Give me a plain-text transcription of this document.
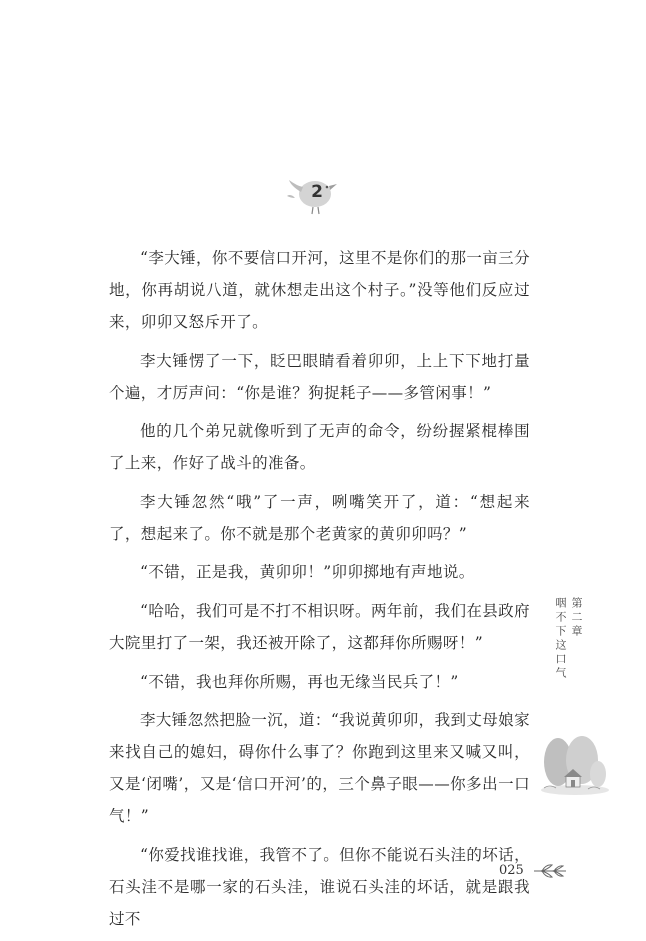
2

“李大锤，你不要信口开河，这里不是你们的那一亩三分地，你再胡说八道，就休想走出这个村子。”没等他们反应过来，卯卯又怒斥开了。

李大锤愣了一下，眨巴眼睛看着卯卯，上上下下地打量个遍，才厉声问：“你是谁？狗捉耗子——多管闲事！”

他的几个弟兄就像听到了无声的命令，纷纷握紧棍棒围了上来，作好了战斗的准备。

李大锤忽然“哦”了一声，咧嘴笑开了，道：“想起来了，想起来了。你不就是那个老黄家的黄卯卯吗？”

“不错，正是我，黄卯卯！”卯卯掷地有声地说。

“哈哈，我们可是不打不相识呀。两年前，我们在县政府大院里打了一架，我还被开除了，这都拜你所赐呀！”

“不错，我也拜你所赐，再也无缘当民兵了！”

李大锤忽然把脸一沉，道：“我说黄卯卯，我到丈母娘家来找自己的媳妇，碍你什么事了？你跑到这里来又喊又叫，又是‘闭嘴’，又是‘信口开河’的，三个鼻子眼——你多出一口气！”

“你爱找谁找谁，我管不了。但你不能说石头洼的坏话，石头洼不是哪一家的石头洼，谁说石头洼的坏话，就是跟我过不

第二章
咽不下这口气
025
